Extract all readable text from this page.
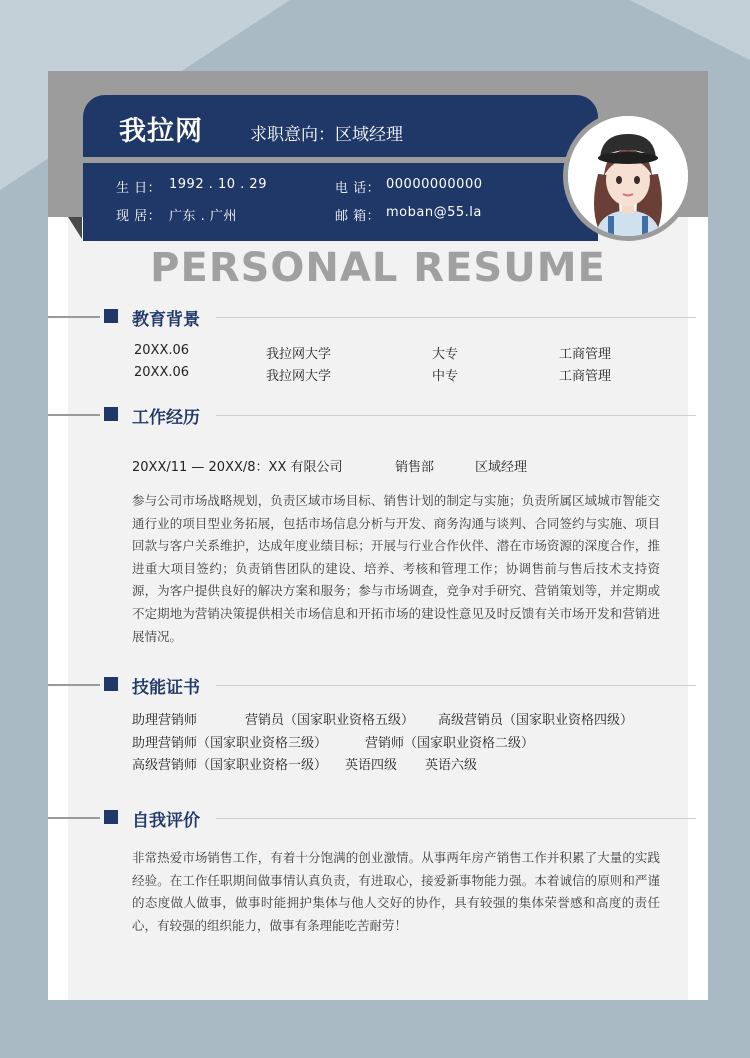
我拉网	求职意向：区域经理
生 日： 1992 . 10 . 29
现 居： 广东 . 广州
电 话： 00000000000
邮 箱： moban@55.la
PERSONAL RESUME
教育背景
20XX.06	我拉网大学	大专	工商管理
20XX.06	我拉网大学	中专	工商管理
工作经历
20XX/11 — 20XX/8：XX 有限公司	销售部	区域经理
参与公司市场战略规划，负责区域市场目标、销售计划的制定与实施；负责所属区域城市智能交通行业的项目型业务拓展，包括市场信息分析与开发、商务沟通与谈判、合同签约与实施、项目回款与客户关系维护，达成年度业绩目标；开展与行业合作伙伴、潜在市场资源的深度合作，推进重大项目签约；负责销售团队的建设、培养、考核和管理工作；协调售前与售后技术支持资源，为客户提供良好的解决方案和服务；参与市场调查，竞争对手研究、营销策划等，并定期或不定期地为营销决策提供相关市场信息和开拓市场的建设性意见及时反馈有关市场开发和营销进展情况。
技能证书
助理营销师	营销员（国家职业资格五级） 高级营销员（国家职业资格四级）
助理营销师（国家职业资格三级）	营销师（国家职业资格二级）
高级营销师（国家职业资格一级） 英语四级 英语六级
自我评价
非常热爱市场销售工作，有着十分饱满的创业激情。从事两年房产销售工作并积累了大量的实践经验。在工作任职期间做事情认真负责，有进取心，接爱新事物能力强。本着诚信的原则和严谨的态度做人做事，做事时能拥护集体与他人交好的协作，具有较强的集体荣誉感和高度的责任心，有较强的组织能力，做事有条理能吃苦耐劳！
